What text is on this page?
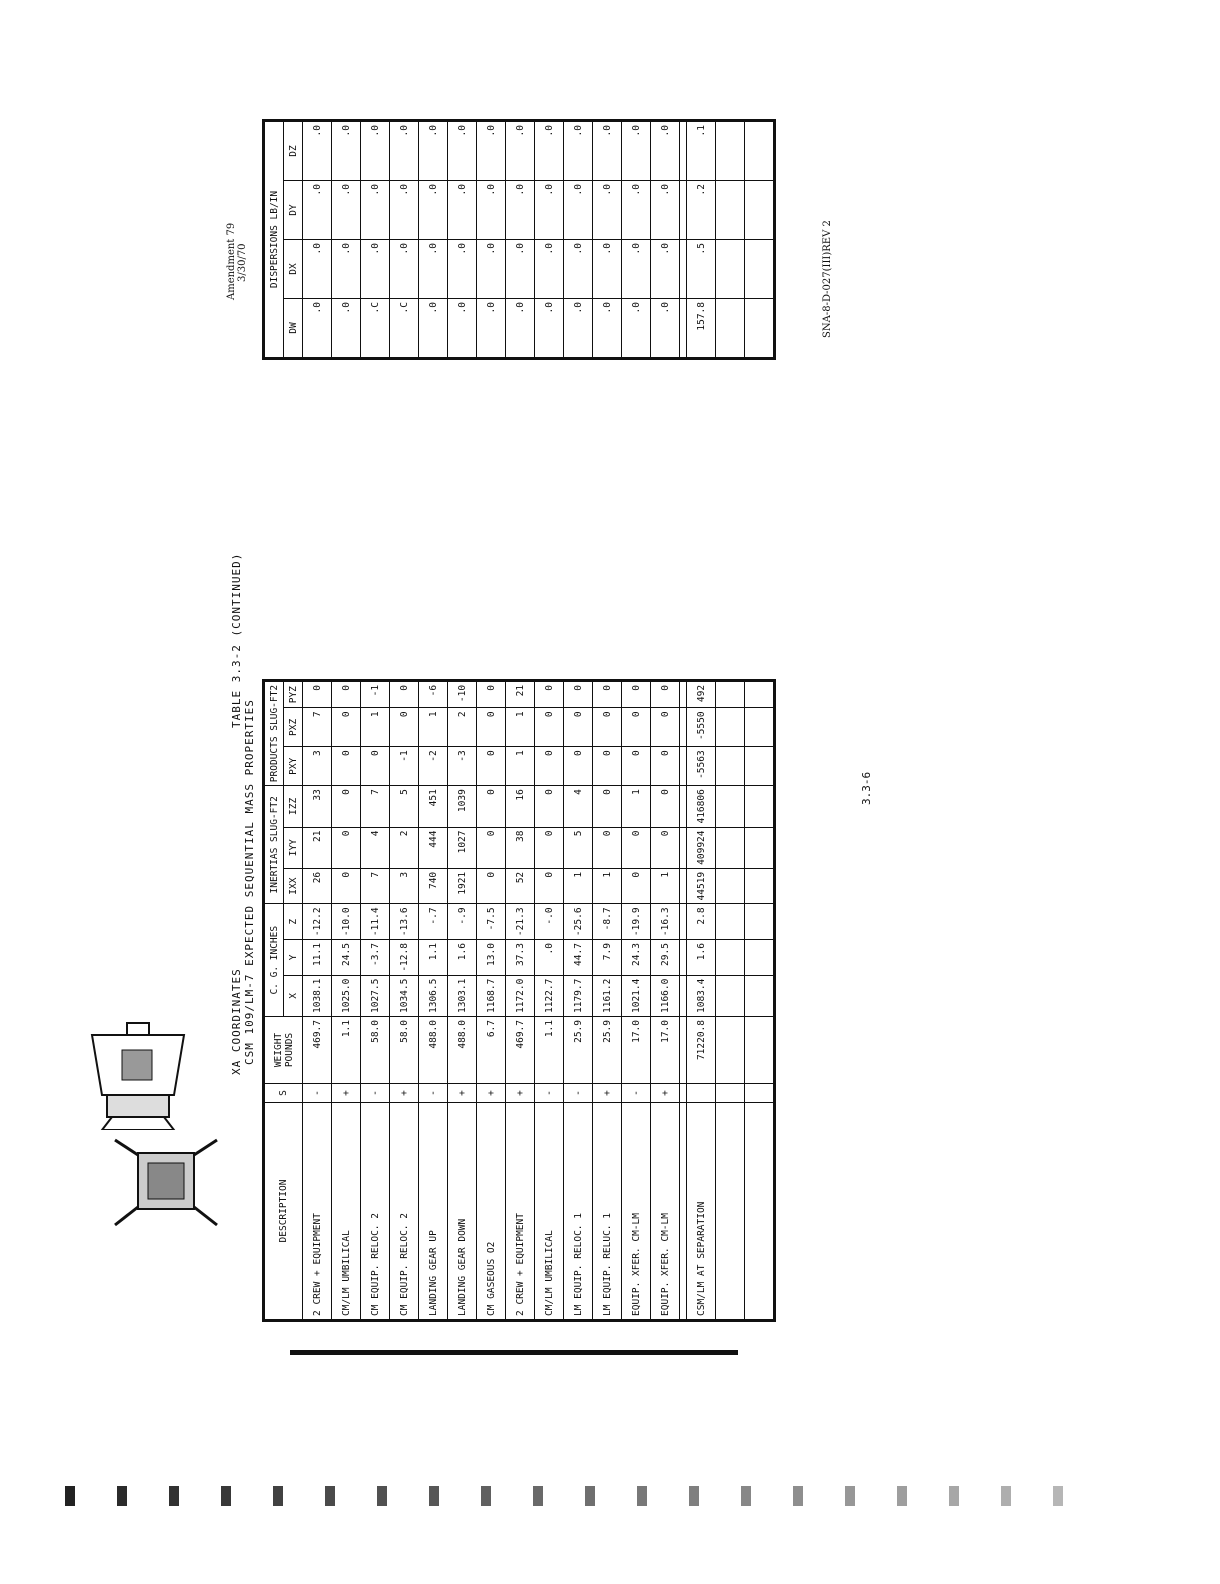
XA COORDINATES CSM 109/LM-7 EXPECTED SEQUENTIAL MASS PROPERTIES
TABLE 3.3-2 (CONTINUED)
Amendment 79 3/30/70
DESCRIPTION	S	WEIGHT POUNDS	C. G. INCHES			INERTIAS SLUG-FT2			PRODUCTS SLUG-FT2		
			X	Y	Z	IXX	IYY	IZZ	PXY	PXZ	PYZ
2 CREW + EQUIPMENT	-	469.7	1038.1	11.1	-12.2	26	21	33	3	7	0
CM/LM UMBILICAL	+	1.1	1025.0	24.5	-10.0	0	0	0	0	0	0
CM EQUIP. RELOC. 2	-	58.0	1027.5	-3.7	-11.4	7	4	7	0	1	-1
CM EQUIP. RELOC. 2	+	58.0	1034.5	-12.8	-13.6	3	2	5	-1	0	0
LANDING GEAR UP	-	488.0	1306.5	1.1	-.7	740	444	451	-2	1	-6
LANDING GEAR DOWN	+	488.0	1303.1	1.6	-.9	1921	1027	1039	-3	2	-10
CM GASEOUS O2	+	6.7	1168.7	13.0	-7.5	0	0	0	0	0	0
2 CREW + EQUIPMENT	+	469.7	1172.0	37.3	-21.3	52	38	16	1	1	21
CM/LM UMBILICAL	-	1.1	1122.7	.0	-.0	0	0	0	0	0	0
LM EQUIP. RELOC. 1	-	25.9	1179.7	44.7	-25.6	1	5	4	0	0	0
LM EQUIP. RELUC. 1	+	25.9	1161.2	7.9	-8.7	1	0	0	0	0	0
EQUIP. XFER. CM-LM	-	17.0	1021.4	24.3	-19.9	0	0	1	0	0	0
EQUIP. XFER. CM-LM	+	17.0	1166.0	29.5	-16.3	1	0	0	0	0	0

CSM/LM AT SEPARATION		71220.8	1083.4	1.6	2.8	44519	409924	416806	-5563	-5550	492

DISPERSIONS LB/IN			
DW	DX	DY	DZ
.0	.0	.0	.0
.0	.0	.0	.0
.C	.0	.0	.0
.C	.0	.0	.0
.0	.0	.0	.0
.0	.0	.0	.0
.0	.0	.0	.0
.0	.0	.0	.0
.0	.0	.0	.0
.0	.0	.0	.0
.0	.0	.0	.0
.0	.0	.0	.0
.0	.0	.0	.0

157.8	.5	.2	.1

3.3-6
SNA-8-D-027(III)REV 2
